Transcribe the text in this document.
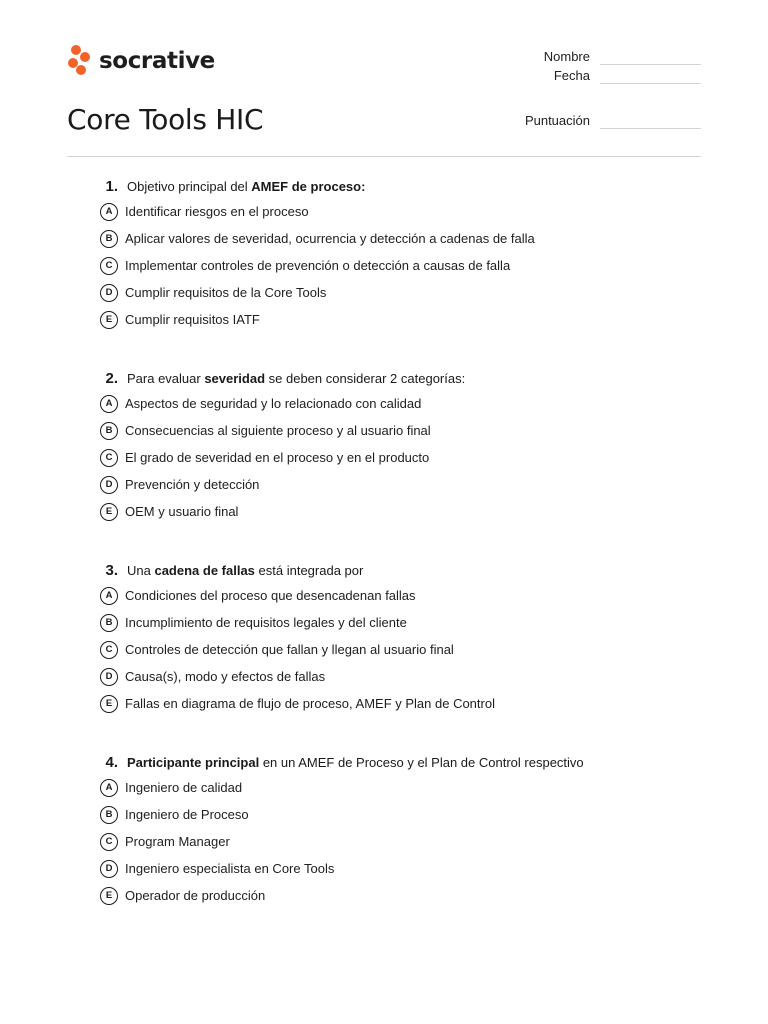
socrative
Core Tools HIC
Nombre
Fecha
Puntuación
1. Objetivo principal del AMEF de proceso:
A Identificar riesgos en el proceso
B Aplicar valores de severidad, ocurrencia y detección a cadenas de falla
C Implementar controles de prevención o detección a causas de falla
D Cumplir requisitos de la Core Tools
E Cumplir requisitos IATF
2. Para evaluar severidad se deben considerar 2 categorías:
A Aspectos de seguridad y lo relacionado con calidad
B Consecuencias al siguiente proceso y al usuario final
C El grado de severidad en el proceso y en el producto
D Prevención y detección
E OEM y usuario final
3. Una cadena de fallas está integrada por
A Condiciones del proceso que desencadenan fallas
B Incumplimiento de requisitos legales y del cliente
C Controles de detección que fallan y llegan al usuario final
D Causa(s), modo y efectos de fallas
E Fallas en diagrama de flujo de proceso, AMEF y Plan de Control
4. Participante principal en un AMEF de Proceso y el Plan de Control respectivo
A Ingeniero de calidad
B Ingeniero de Proceso
C Program Manager
D Ingeniero especialista en Core Tools
E Operador de producción
